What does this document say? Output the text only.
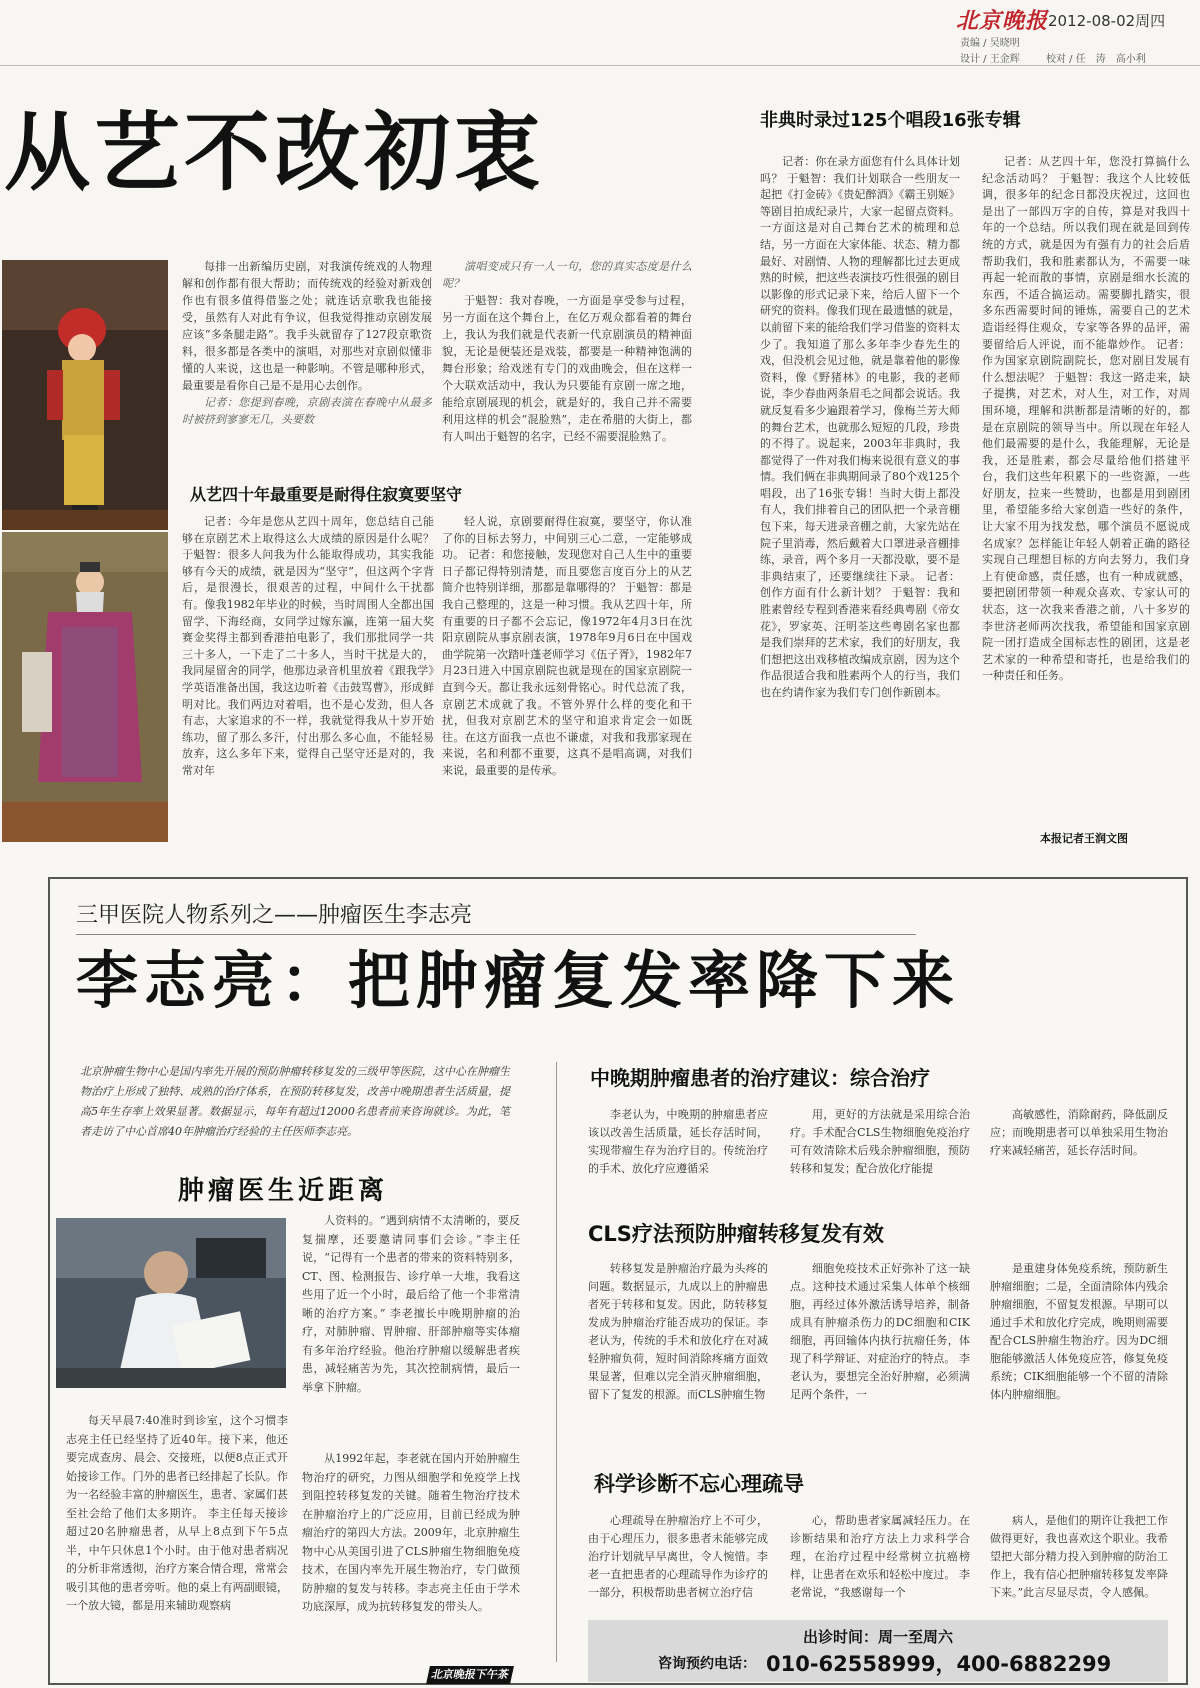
北京晚报 2012-08-02周四
责编 / 吴晓明
设计 / 王金辉	校对 / 任　涛　高小利
从艺不改初衷	非典时录过125个唱段16张专辑

每排一出新编历史剧，对我演传统戏的人物理解和创作都有很大帮助；而传统戏的经验对新戏创作也有很多值得借鉴之处；就连话京歌我也能接受，虽然有人对此有争议，但我觉得推动京剧发展应该“多条腿走路”。我手头就留存了127段京歌资料，很多都是各类中的演唱，对那些对京剧似懂非懂的人来说，这也是一种影响。不管是哪种形式，最重要是看你自己是不是用心去创作。

记者：您提到春晚，京剧表演在春晚中从最多时被挤到寥寥无几，头要数

演唱变成只有一人一句，您的真实态度是什么呢？

于魁智：我对春晚，一方面是享受参与过程，另一方面在这个舞台上，在亿万观众都看着的舞台上，我认为我们就是代表新一代京剧演员的精神面貌，无论是便装还是戏装，都要是一种精神饱满的舞台形象；给戏迷有专门的戏曲晚会，但在这样一个大联欢活动中，我认为只要能有京剧一席之地，能给京剧展现的机会，就是好的，我自己并不需要利用这样的机会“混脸熟”，走在希腊的大街上，都有人叫出于魁智的名字，已经不需要混脸熟了。

从艺四十年最重要是耐得住寂寞要坚守

记者：今年是您从艺四十周年，您总结自己能够在京剧艺术上取得这么大成绩的原因是什么呢？ 于魁智：很多人问我为什么能取得成功，其实我能够有今天的成绩，就是因为“坚守”，但这两个字背后，是很漫长，很艰苦的过程，中间什么干扰都有。像我1982年毕业的时候，当时周围人全都出国留学、下海经商，女同学过嫁东瀛，连第一届大奖赛金奖得主都到香港拍电影了，我们那批同学一共三十多人，一下走了二十多人，当时干扰是大的，我同屋留舍的同学，他那边录音机里放着《跟我学》学英语准备出国，我这边听着《击鼓骂曹》，形成鲜明对比。我们两边对着唱，也不是心发劲，但人各有志，大家追求的不一样，我就觉得我从十岁开始练功，留了那么多汗，付出那么多心血，不能轻易放弃，这么多年下来，觉得自己坚守还是对的，我常对年

轻人说，京剧要耐得住寂寞，要坚守，你认准了你的目标去努力，中间别三心二意，一定能够成功。 记者：和您接触，发现您对自己人生中的重要日子都记得特别清楚，而且要您言度百分上的从艺简介也特别详细，那都是靠哪得的？ 于魁智：都是我自己整理的，这是一种习惯。我从艺四十年，所有重要的日子都不会忘记，像1972年4月3日在沈阳京剧院从事京剧表演，1978年9月6日在中国戏曲学院第一次踏叶蓬老师学习《伍子胥》，1982年7月23日进入中国京剧院也就是现在的国家京剧院一直到今天。都让我永远刻骨铭心。时代总流了我，京剧艺术成就了我。不管外界什么样的变化和干扰，但我对京剧艺术的坚守和追求肯定会一如既往。在这方面我一点也不谦虚，对我和我那家现在来说，名和利都不重要，这真不是唱高调，对我们来说，最重要的是传承。

记者：你在录方面您有什么具体计划吗？ 于魁智：我们计划联合一些朋友一起把《打金砖》《贵妃醉酒》《霸王别姬》等剧目拍成纪录片，大家一起留点资料。一方面这是对自己舞台艺术的梳理和总结，另一方面在大家体能、状态、精力都最好、对剧情、人物的理解都比过去更成熟的时候，把这些表演技巧性很强的剧目以影像的形式记录下来，给后人留下一个研究的资料。像我们现在最遗憾的就是，以前留下来的能给我们学习借鉴的资料太少了。我知道了那么多年李少春先生的戏，但没机会见过他，就是靠着他的影像资料，像《野猪林》的电影，我的老师说，李少春曲两条眉毛之间都会说话。我就反复看多少遍跟着学习，像梅兰芳大师的舞台艺术，也就那么短短的几段，珍贵的不得了。说起来，2003年非典时，我都觉得了一件对我们梅来说很有意义的事情。我们俩在非典期间录了80个戏125个唱段，出了16张专辑！当时大街上都没有人，我们排着自己的团队把一个录音棚包下来，每天进录音棚之前，大家先站在院子里消毒，然后戴着大口罩进录音棚排练，录音，两个多月一天都没歇，要不是非典结束了，还要继续往下录。 记者：创作方面有什么新计划？ 于魁智：我和胜素曾经专程到香港来看经典粤剧《帝女花》，罗家英、汪明荃这些粤剧名家也都是我们崇拜的艺术家，我们的好朋友，我们想把这出戏移植改编成京剧，因为这个作品很适合我和胜素两个人的行当，我们也在约请作家为我们专门创作新剧本。

记者：从艺四十年，您没打算搞什么纪念活动吗？ 于魁智：我这个人比较低调，很多年的纪念日都没庆祝过，这回也是出了一部四万字的自传，算是对我四十年的一个总结。所以我们现在就是回到传统的方式，就是因为有强有力的社会后盾帮助我们，我和胜素都认为，不需要一味再起一轮而散的事情，京剧是细水长流的东西，不适合搞运动。需要脚扎踏实，很多东西需要时间的锤炼，需要自己的艺术造诣经得住观众，专家等各界的品评，需要留给后人评说，而不能靠炒作。 记者：作为国家京剧院副院长，您对剧目发展有什么想法呢？ 于魁智：我这一路走来，缺子提携，对艺术，对人生，对工作，对周围环境，理解和洪断都是清晰的好的，都是在京剧院的领导当中。所以现在年轻人他们最需要的是什么，我能理解，无论是我，还是胜素，都会尽量给他们搭建平台，我们这些年积累下的一些资源，一些好朋友，拉来一些赞助，也都是用到剧团里，希望能多给大家创造一些好的条件，让大家不用为找发愁，哪个演员不愿说成名成家？怎样能让年轻人朝着正确的路径实现自己理想目标的方向去努力，我们身上有使命感，责任感，也有一种成就感，要把剧团带领一种观众喜欢、专家认可的状态，这一次我来香港之前，八十多岁的李世济老师两次找我，希望能和国家京剧院一团打造成全国标志性的剧团，这是老艺术家的一种希望和寄托，也是给我们的一种责任和任务。

本报记者王润文图
三甲医院人物系列之——肿瘤医生李志亮
李志亮：把肿瘤复发率降下来
北京肿瘤生物中心是国内率先开展的预防肿瘤转移复发的三级甲等医院，这中心在肿瘤生物治疗上形成了独特、成熟的治疗体系，在预防转移复发，改善中晚期患者生活质量，提高5年生存率上效果显著。数据显示，每年有超过12000名患者前来咨询就诊。为此，笔者走访了中心首席40年肿瘤治疗经验的主任医师李志亮。
肿瘤医生近距离

人资料的。“遇到病情不太清晰的，要反复揣摩，还要邀请同事们会诊。”李主任说，“记得有一个患者的带来的资料特别多，CT、图、检测报告、诊疗单一大堆，我看这些用了近一个小时，最后给了他一个非常清晰的治疗方案。” 李老擅长中晚期肿瘤的治疗，对肺肿瘤、胃肿瘤、肝部肿瘤等实体瘤有多年治疗经验。他治疗肿瘤以缓解患者疾患，减轻痛苦为先，其次控制病情，最后一举拿下肿瘤。

每天早晨7:40准时到诊室，这个习惯李志亮主任已经坚持了近40年。接下来，他还要完成查房、晨会、交接班，以便8点正式开始接诊工作。门外的患者已经排起了长队。作为一名经验丰富的肿瘤医生，患者、家属们甚至社会给了他们太多期许。 李主任每天接诊超过20名肿瘤患者，从早上8点到下午5点半，中午只休息1个小时。由于他对患者病况的分析非常透彻，治疗方案合情合理，常常会吸引其他的患者旁听。他的桌上有两副眼镜，一个放大镜，都是用来辅助观察病

从1992年起，李老就在国内开始肿瘤生物治疗的研究，力图从细胞学和免疫学上找到阻控转移复发的关键。随着生物治疗技术在肿瘤治疗上的广泛应用，目前已经成为肿瘤治疗的第四大方法。2009年，北京肿瘤生物中心从美国引进了CLS肿瘤生物细胞免疫技术，在国内率先开展生物治疗，专门做预防肿瘤的复发与转移。李志亮主任由于学术功底深厚，成为抗转移复发的带头人。

中晚期肿瘤患者的治疗建议：综合治疗

李老认为，中晚期的肿瘤患者应该以改善生活质量，延长存活时间，实现带瘤生存为治疗目的。传统治疗的手术、放化疗应遵循采

用，更好的方法就是采用综合治疗。手术配合CLS生物细胞免疫治疗可有效清除术后残余肿瘤细胞，预防转移和复发；配合放化疗能提

高敏感性，消除耐药，降低副反应；而晚期患者可以单独采用生物治疗来减轻痛苦，延长存活时间。

CLS疗法预防肿瘤转移复发有效

转移复发是肿瘤治疗最为头疼的问题。数据显示，九成以上的肿瘤患者死于转移和复发。因此，防转移复发成为肿瘤治疗能否成功的保证。李老认为，传统的手术和放化疗在对减轻肿瘤负荷，短时间消除疼痛方面效果显著，但难以完全消灭肿瘤细胞，留下了复发的根源。而CLS肿瘤生物

细胞免疫技术正好弥补了这一缺点。这种技术通过采集人体单个核细胞，再经过体外激活诱导培养，制备成具有肿瘤杀伤力的DC细胞和CIK细胞，再回输体内执行抗瘤任务，体现了科学辩证、对症治疗的特点。 李老认为，要想完全治好肿瘤，必须满足两个条件，一

是重建身体免疫系统，预防新生肿瘤细胞；二是，全面清除体内残余肿瘤细胞，不留复发根源。早期可以通过手术和放化疗完成，晚期则需要配合CLS肿瘤生物治疗。因为DC细胞能够激活人体免疫应答，修复免疫系统；CIK细胞能够一个不留的清除体内肿瘤细胞。

科学诊断不忘心理疏导

心理疏导在肿瘤治疗上不可少，由于心理压力，很多患者未能够完成治疗计划就早早离世，令人惋惜。李老一直把患者的心理疏导作为诊疗的一部分，积极帮助患者树立治疗信

心，帮助患者家属减轻压力。在诊断结果和治疗方法上力求科学合理，在治疗过程中经常树立抗癌榜样，让患者在欢乐和轻松中度过。 李老常说，“我感谢每一个

病人，是他们的期许让我把工作做得更好，我也喜欢这个职业。我希望把大部分精力投入到肿瘤的防治工作上，我有信心把肿瘤转移复发率降下来。”此言尽显尽责，令人感佩。

出诊时间：周一至周六
咨询预约电话： 010-62558999，400-6882299
北京晚报下午茶
